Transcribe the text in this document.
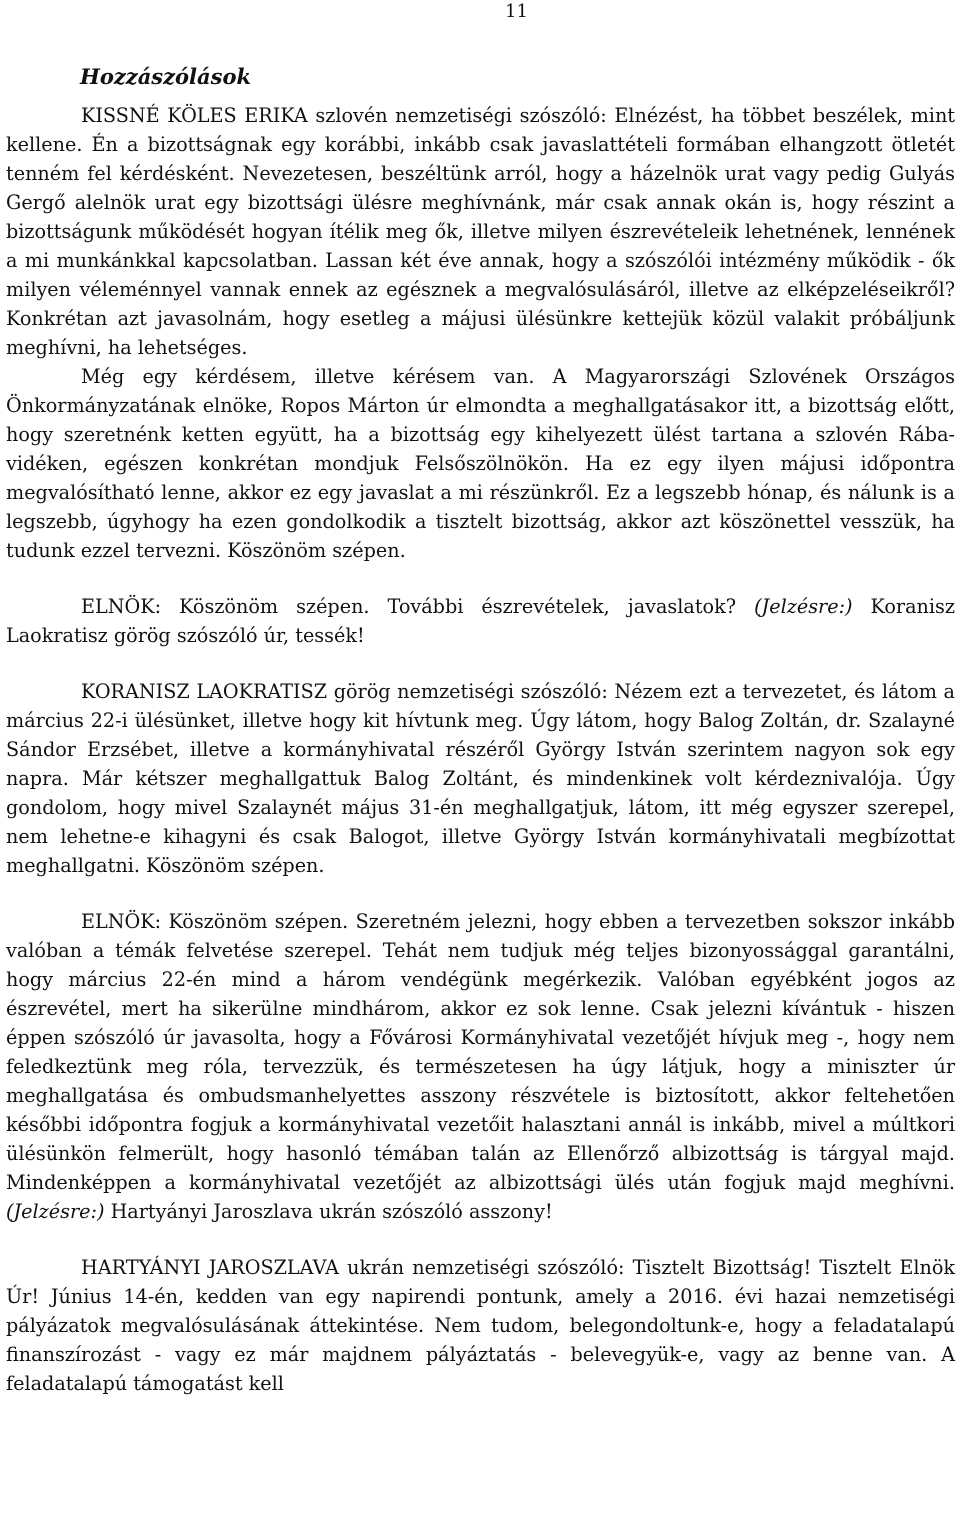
11
Hozzászólások

KISSNÉ KÖLES ERIKA szlovén nemzetiségi szószóló: Elnézést, ha többet beszélek, mint kellene. Én a bizottságnak egy korábbi, inkább csak javaslattételi formában elhangzott ötletét tenném fel kérdésként. Nevezetesen, beszéltünk arról, hogy a házelnök urat vagy pedig Gulyás Gergő alelnök urat egy bizottsági ülésre meghívnánk, már csak annak okán is, hogy részint a bizottságunk működését hogyan ítélik meg ők, illetve milyen észrevételeik lehetnének, lennének a mi munkánkkal kapcsolatban. Lassan két éve annak, hogy a szószólói intézmény működik - ők milyen véleménnyel vannak ennek az egésznek a megvalósulásáról, illetve az elképzeléseikről? Konkrétan azt javasolnám, hogy esetleg a májusi ülésünkre kettejük közül valakit próbáljunk meghívni, ha lehetséges.

Még egy kérdésem, illetve kérésem van. A Magyarországi Szlovének Országos Önkormányzatának elnöke, Ropos Márton úr elmondta a meghallgatásakor itt, a bizottság előtt, hogy szeretnénk ketten együtt, ha a bizottság egy kihelyezett ülést tartana a szlovén Rába-vidéken, egészen konkrétan mondjuk Felsőszölnökön. Ha ez egy ilyen májusi időpontra megvalósítható lenne, akkor ez egy javaslat a mi részünkről. Ez a legszebb hónap, és nálunk is a legszebb, úgyhogy ha ezen gondolkodik a tisztelt bizottság, akkor azt köszönettel vesszük, ha tudunk ezzel tervezni. Köszönöm szépen.

ELNÖK: Köszönöm szépen. További észrevételek, javaslatok? (Jelzésre:) Koranisz Laokratisz görög szószóló úr, tessék!

KORANISZ LAOKRATISZ görög nemzetiségi szószóló: Nézem ezt a tervezetet, és látom a március 22-i ülésünket, illetve hogy kit hívtunk meg. Úgy látom, hogy Balog Zoltán, dr. Szalayné Sándor Erzsébet, illetve a kormányhivatal részéről György István szerintem nagyon sok egy napra. Már kétszer meghallgattuk Balog Zoltánt, és mindenkinek volt kérdeznivalója. Úgy gondolom, hogy mivel Szalaynét május 31-én meghallgatjuk, látom, itt még egyszer szerepel, nem lehetne-e kihagyni és csak Balogot, illetve György István kormányhivatali megbízottat meghallgatni. Köszönöm szépen.

ELNÖK: Köszönöm szépen. Szeretném jelezni, hogy ebben a tervezetben sokszor inkább valóban a témák felvetése szerepel. Tehát nem tudjuk még teljes bizonyossággal garantálni, hogy március 22-én mind a három vendégünk megérkezik. Valóban egyébként jogos az észrevétel, mert ha sikerülne mindhárom, akkor ez sok lenne. Csak jelezni kívántuk - hiszen éppen szószóló úr javasolta, hogy a Fővárosi Kormányhivatal vezetőjét hívjuk meg -, hogy nem feledkeztünk meg róla, tervezzük, és természetesen ha úgy látjuk, hogy a miniszter úr meghallgatása és ombudsmanhelyettes asszony részvétele is biztosított, akkor feltehetően későbbi időpontra fogjuk a kormányhivatal vezetőit halasztani annál is inkább, mivel a múltkori ülésünkön felmerült, hogy hasonló témában talán az Ellenőrző albizottság is tárgyal majd. Mindenképpen a kormányhivatal vezetőjét az albizottsági ülés után fogjuk majd meghívni. (Jelzésre:) Hartyányi Jaroszlava ukrán szószóló asszony!

HARTYÁNYI JAROSZLAVA ukrán nemzetiségi szószóló: Tisztelt Bizottság! Tisztelt Elnök Úr! Június 14-én, kedden van egy napirendi pontunk, amely a 2016. évi hazai nemzetiségi pályázatok megvalósulásának áttekintése. Nem tudom, belegondoltunk-e, hogy a feladatalapú finanszírozást - vagy ez már majdnem pályáztatás - belevegyük-e, vagy az benne van. A feladatalapú támogatást kell
